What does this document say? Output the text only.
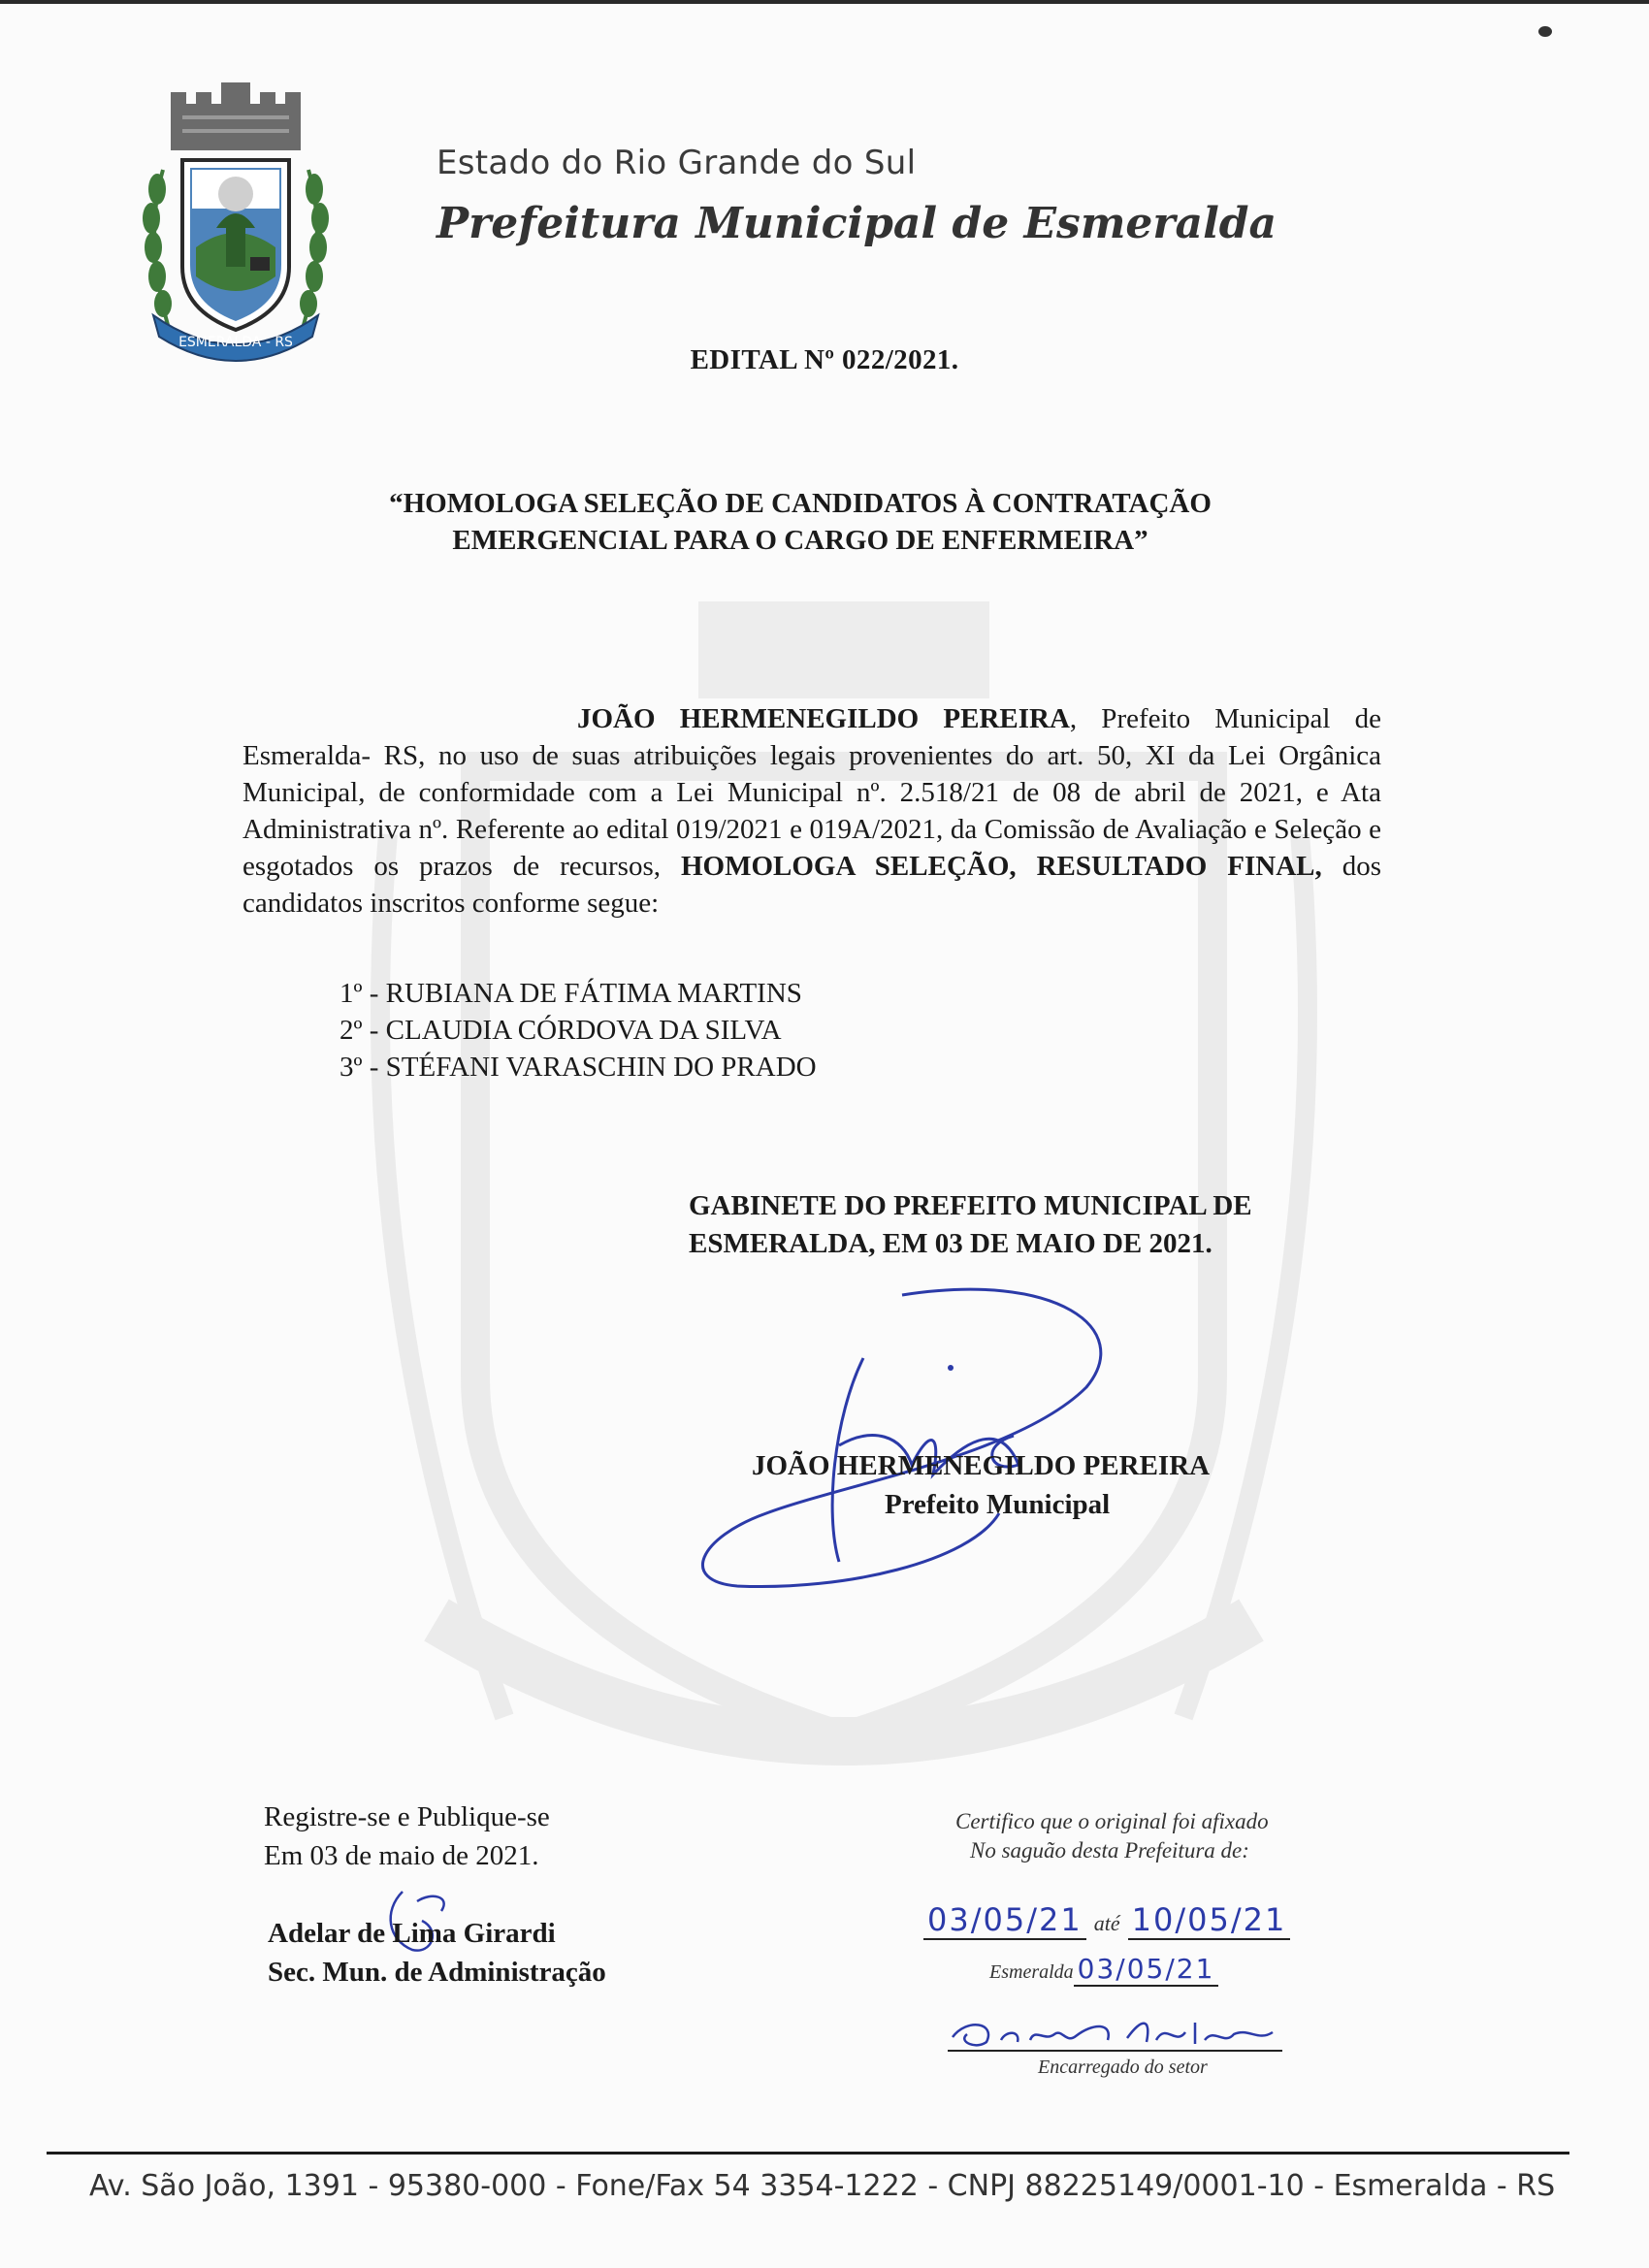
ESMERALDA - RS
Estado do Rio Grande do Sul
Prefeitura Municipal de Esmeralda
EDITAL Nº 022/2021.
“HOMOLOGA SELEÇÃO DE CANDIDATOS À CONTRATAÇÃO
EMERGENCIAL PARA O CARGO DE ENFERMEIRA”
JOÃO HERMENEGILDO PEREIRA, Prefeito Municipal de Esmeralda- RS, no uso de suas atribuições legais provenientes do art. 50, XI da Lei Orgânica Municipal, de conformidade com a Lei Municipal nº. 2.518/21 de 08 de abril de 2021, e Ata Administrativa nº. Referente ao edital 019/2021 e 019A/2021, da Comissão de Avaliação e Seleção e esgotados os prazos de recursos, HOMOLOGA SELEÇÃO, RESULTADO FINAL, dos candidatos inscritos conforme segue:
1º - RUBIANA DE FÁTIMA MARTINS
2º - CLAUDIA CÓRDOVA DA SILVA
3º - STÉFANI VARASCHIN DO PRADO
GABINETE DO PREFEITO MUNICIPAL DE
ESMERALDA, EM 03 DE MAIO DE 2021.
JOÃO HERMENEGILDO PEREIRA
Prefeito Municipal
Registre-se e Publique-se
Em 03 de maio de 2021.
Adelar de Lima Girardi
Sec. Mun. de Administração
Certifico que o original foi afixado
No saguão desta Prefeitura de:
03/05/21 até 10/05/21
Esmeralda 03/05/21
Encarregado do setor
Av. São João, 1391 - 95380-000 - Fone/Fax 54 3354-1222 - CNPJ 88225149/0001-10 - Esmeralda - RS
